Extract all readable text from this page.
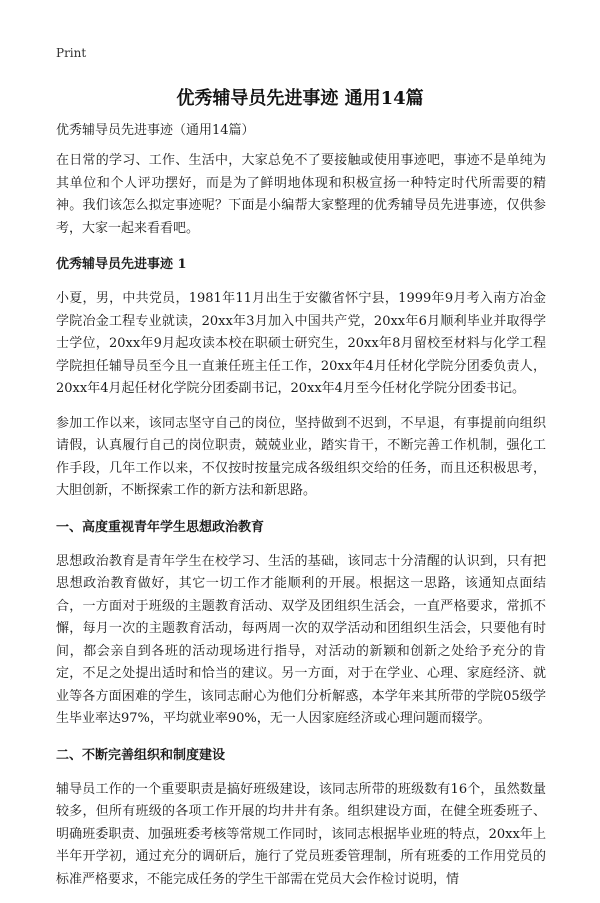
Print
优秀辅导员先进事迹 通用14篇
优秀辅导员先进事迹（通用14篇）

在日常的学习、工作、生活中，大家总免不了要接触或使用事迹吧，事迹不是单纯为其单位和个人评功摆好，而是为了鲜明地体现和积极宣扬一种特定时代所需要的精神。我们该怎么拟定事迹呢？下面是小编帮大家整理的优秀辅导员先进事迹，仅供参考，大家一起来看看吧。

优秀辅导员先进事迹 1

小夏，男，中共党员，1981年11月出生于安徽省怀宁县，1999年9月考入南方冶金学院冶金工程专业就读，20xx年3月加入中国共产党，20xx年6月顺利毕业并取得学士学位，20xx年9月起攻读本校在职硕士研究生，20xx年8月留校至材料与化学工程学院担任辅导员至今且一直兼任班主任工作，20xx年4月任材化学院分团委负责人，20xx年4月起任材化学院分团委副书记，20xx年4月至今任材化学院分团委书记。

参加工作以来，该同志坚守自己的岗位，坚持做到不迟到，不早退，有事提前向组织请假，认真履行自己的岗位职责，兢兢业业，踏实肯干，不断完善工作机制，强化工作手段，几年工作以来，不仅按时按量完成各级组织交给的任务，而且还积极思考，大胆创新，不断探索工作的新方法和新思路。

一、高度重视青年学生思想政治教育

思想政治教育是青年学生在校学习、生活的基础，该同志十分清醒的认识到，只有把思想政治教育做好，其它一切工作才能顺利的开展。根据这一思路，该通知点面结合，一方面对于班级的主题教育活动、双学及团组织生活会，一直严格要求，常抓不懈，每月一次的主题教育活动，每两周一次的双学活动和团组织生活会，只要他有时间，都会亲自到各班的活动现场进行指导，对活动的新颖和创新之处给予充分的肯定，不足之处提出适时和恰当的建议。另一方面，对于在学业、心理、家庭经济、就业等各方面困难的学生，该同志耐心为他们分析解惑，本学年来其所带的学院05级学生毕业率达97%，平均就业率90%，无一人因家庭经济或心理问题而辍学。

二、不断完善组织和制度建设

辅导员工作的一个重要职责是搞好班级建设，该同志所带的班级数有16个，虽然数量较多，但所有班级的各项工作开展的均井井有条。组织建设方面，在健全班委班子、明确班委职责、加强班委考核等常规工作同时，该同志根据毕业班的特点，20xx年上半年开学初，通过充分的调研后，施行了党员班委管理制，所有班委的工作用党员的标准严格要求，不能完成任务的学生干部需在党员大会作检讨说明，情
